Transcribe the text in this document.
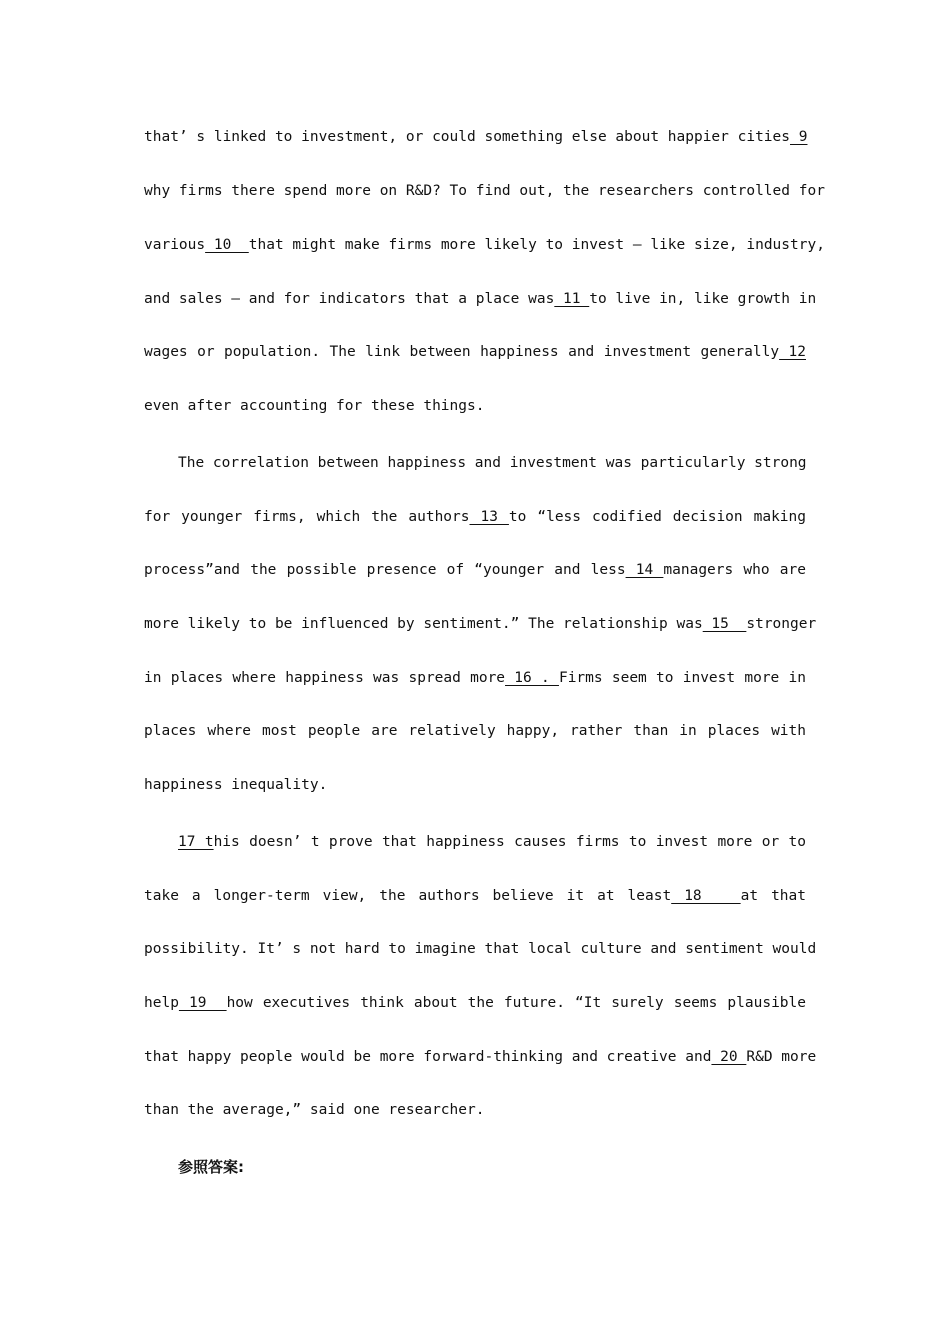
that’ s linked to investment, or could something else about happier cities 9
why firms there spend more on R&D? To find out, the researchers controlled for
various 10  that might make firms more likely to invest – like size, industry,
and sales – and for indicators that a place was 11 to live in, like growth in
wages or population. The link between happiness and investment generally 12
even after accounting for these things.
The correlation between happiness and investment was particularly strong
for younger firms, which the authors 13 to “less codified decision making
process”and the possible presence of “younger and less 14 managers who are
more likely to be influenced by sentiment.” The relationship was 15  stronger
in places where happiness was spread more 16 . Firms seem to invest more in
places where most people are relatively happy, rather than in places with
happiness inequality.
17 this doesn’ t prove that happiness causes firms to invest more or to
take a longer-term view, the authors believe it at least 18   at that
possibility. It’ s not hard to imagine that local culture and sentiment would
help 19  how executives think about the future. “It surely seems plausible
that happy people would be more forward-thinking and creative and 20 R&D more
than the average,” said one researcher.
参照答案:
